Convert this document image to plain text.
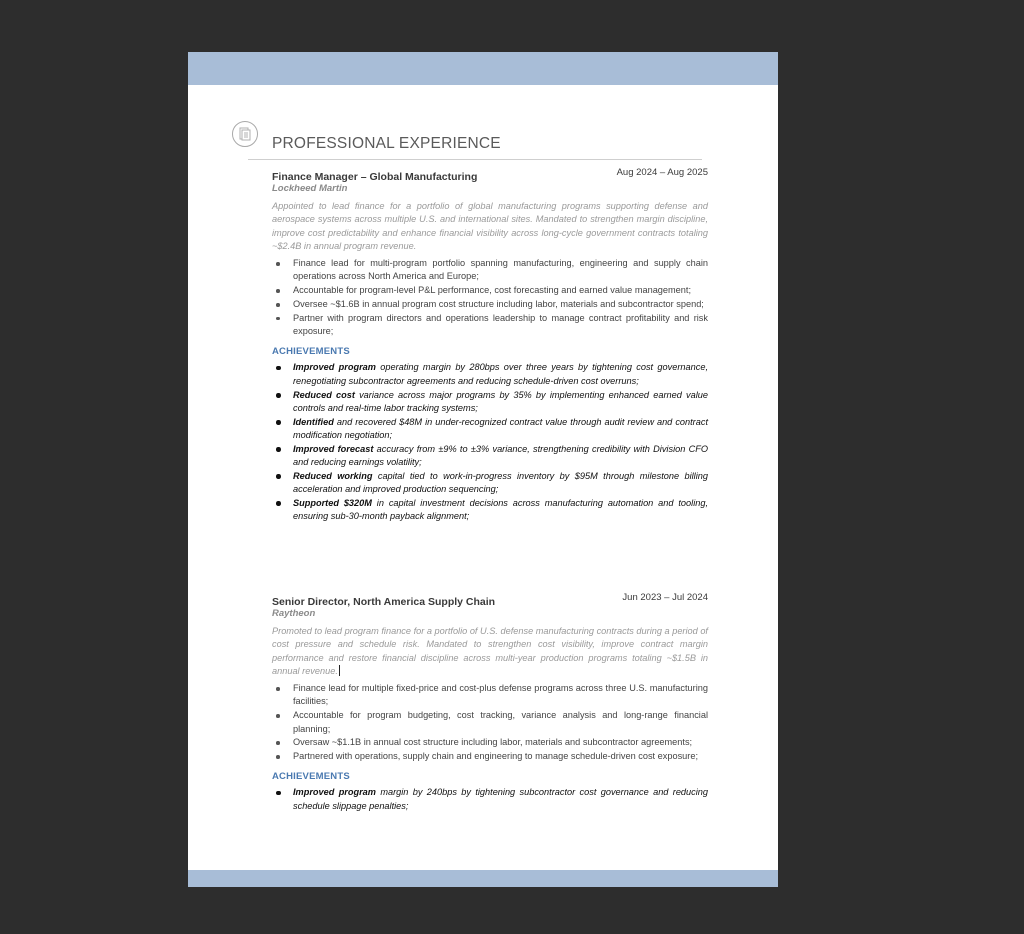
PROFESSIONAL EXPERIENCE
Finance Manager – Global Manufacturing	Aug 2024 – Aug 2025
Lockheed Martin
Appointed to lead finance for a portfolio of global manufacturing programs supporting defense and aerospace systems across multiple U.S. and international sites. Mandated to strengthen margin discipline, improve cost predictability and enhance financial visibility across long-cycle government contracts totaling ~$2.4B in annual program revenue.
Finance lead for multi-program portfolio spanning manufacturing, engineering and supply chain operations across North America and Europe;
Accountable for program-level P&L performance, cost forecasting and earned value management;
Oversee ~$1.6B in annual program cost structure including labor, materials and subcontractor spend;
Partner with program directors and operations leadership to manage contract profitability and risk exposure;
ACHIEVEMENTS
Improved program operating margin by 280bps over three years by tightening cost governance, renegotiating subcontractor agreements and reducing schedule-driven cost overruns;
Reduced cost variance across major programs by 35% by implementing enhanced earned value controls and real-time labor tracking systems;
Identified and recovered $48M in under-recognized contract value through audit review and contract modification negotiation;
Improved forecast accuracy from ±9% to ±3% variance, strengthening credibility with Division CFO and reducing earnings volatility;
Reduced working capital tied to work-in-progress inventory by $95M through milestone billing acceleration and improved production sequencing;
Supported $320M in capital investment decisions across manufacturing automation and tooling, ensuring sub-30-month payback alignment;
Senior Director, North America Supply Chain	Jun 2023 – Jul 2024
Raytheon
Promoted to lead program finance for a portfolio of U.S. defense manufacturing contracts during a period of cost pressure and schedule risk. Mandated to strengthen cost visibility, improve contract margin performance and restore financial discipline across multi-year production programs totaling ~$1.5B in annual revenue.
Finance lead for multiple fixed-price and cost-plus defense programs across three U.S. manufacturing facilities;
Accountable for program budgeting, cost tracking, variance analysis and long-range financial planning;
Oversaw ~$1.1B in annual cost structure including labor, materials and subcontractor agreements;
Partnered with operations, supply chain and engineering to manage schedule-driven cost exposure;
ACHIEVEMENTS
Improved program margin by 240bps by tightening subcontractor cost governance and reducing schedule slippage penalties;
